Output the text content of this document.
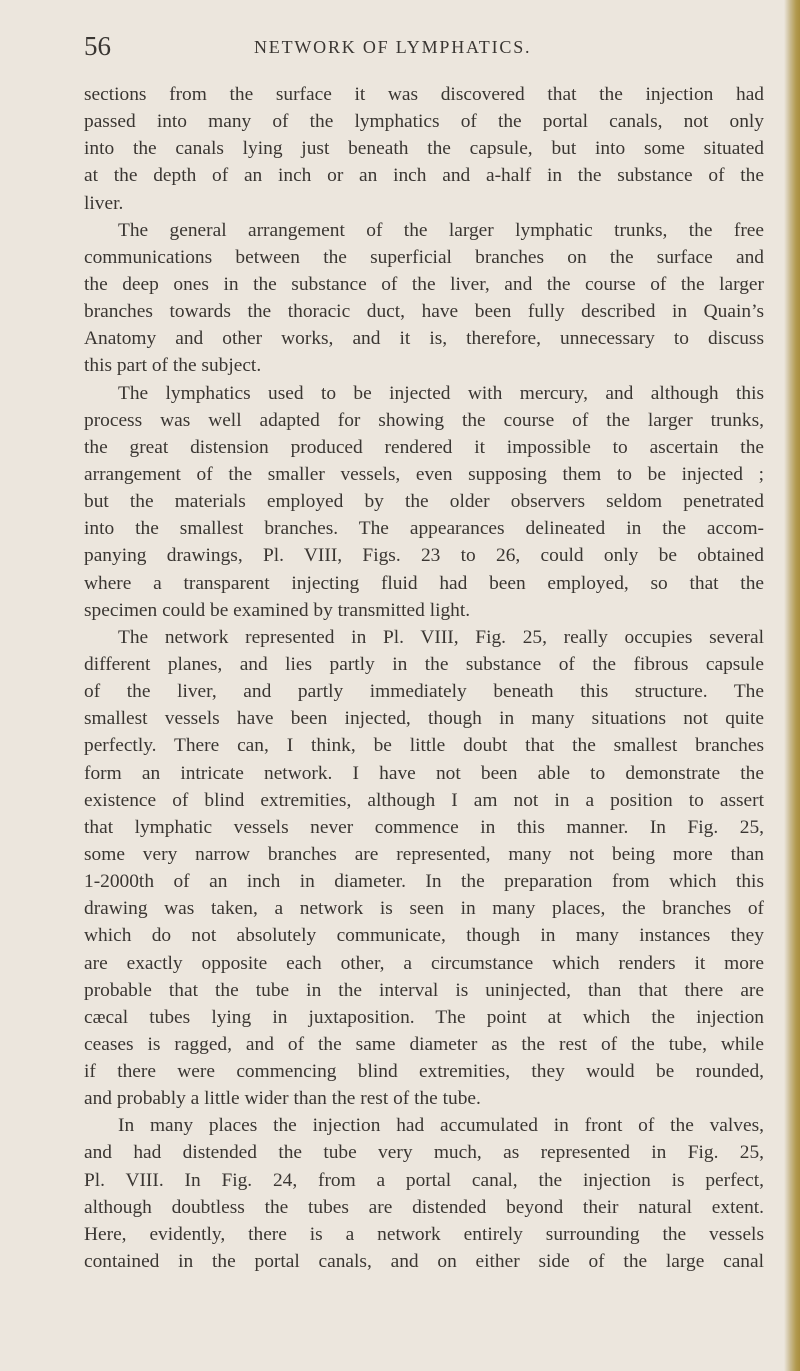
56	NETWORK OF LYMPHATICS.
sections from the surface it was discovered that the injection had
passed into many of the lymphatics of the portal canals, not only
into the canals lying just beneath the capsule, but into some situated
at the depth of an inch or an inch and a-half in the substance of the
liver.
The general arrangement of the larger lymphatic trunks, the free
communications between the superficial branches on the surface and
the deep ones in the substance of the liver, and the course of the larger
branches towards the thoracic duct, have been fully described in Quain’s
Anatomy and other works, and it is, therefore, unnecessary to discuss
this part of the subject.
The lymphatics used to be injected with mercury, and although this
process was well adapted for showing the course of the larger trunks,
the great distension produced rendered it impossible to ascertain the
arrangement of the smaller vessels, even supposing them to be injected ;
but the materials employed by the older observers seldom penetrated
into the smallest branches. The appearances delineated in the accom-
panying drawings, Pl. VIII, Figs. 23 to 26, could only be obtained
where a transparent injecting fluid had been employed, so that the
specimen could be examined by transmitted light.
The network represented in Pl. VIII, Fig. 25, really occupies several
different planes, and lies partly in the substance of the fibrous capsule
of the liver, and partly immediately beneath this structure. The
smallest vessels have been injected, though in many situations not quite
perfectly. There can, I think, be little doubt that the smallest branches
form an intricate network. I have not been able to demonstrate the
existence of blind extremities, although I am not in a position to assert
that lymphatic vessels never commence in this manner. In Fig. 25,
some very narrow branches are represented, many not being more than
1-2000th of an inch in diameter. In the preparation from which this
drawing was taken, a network is seen in many places, the branches of
which do not absolutely communicate, though in many instances they
are exactly opposite each other, a circumstance which renders it more
probable that the tube in the interval is uninjected, than that there are
cæcal tubes lying in juxtaposition. The point at which the injection
ceases is ragged, and of the same diameter as the rest of the tube, while
if there were commencing blind extremities, they would be rounded,
and probably a little wider than the rest of the tube.
In many places the injection had accumulated in front of the valves,
and had distended the tube very much, as represented in Fig. 25,
Pl. VIII. In Fig. 24, from a portal canal, the injection is perfect,
although doubtless the tubes are distended beyond their natural extent.
Here, evidently, there is a network entirely surrounding the vessels
contained in the portal canals, and on either side of the large canal
